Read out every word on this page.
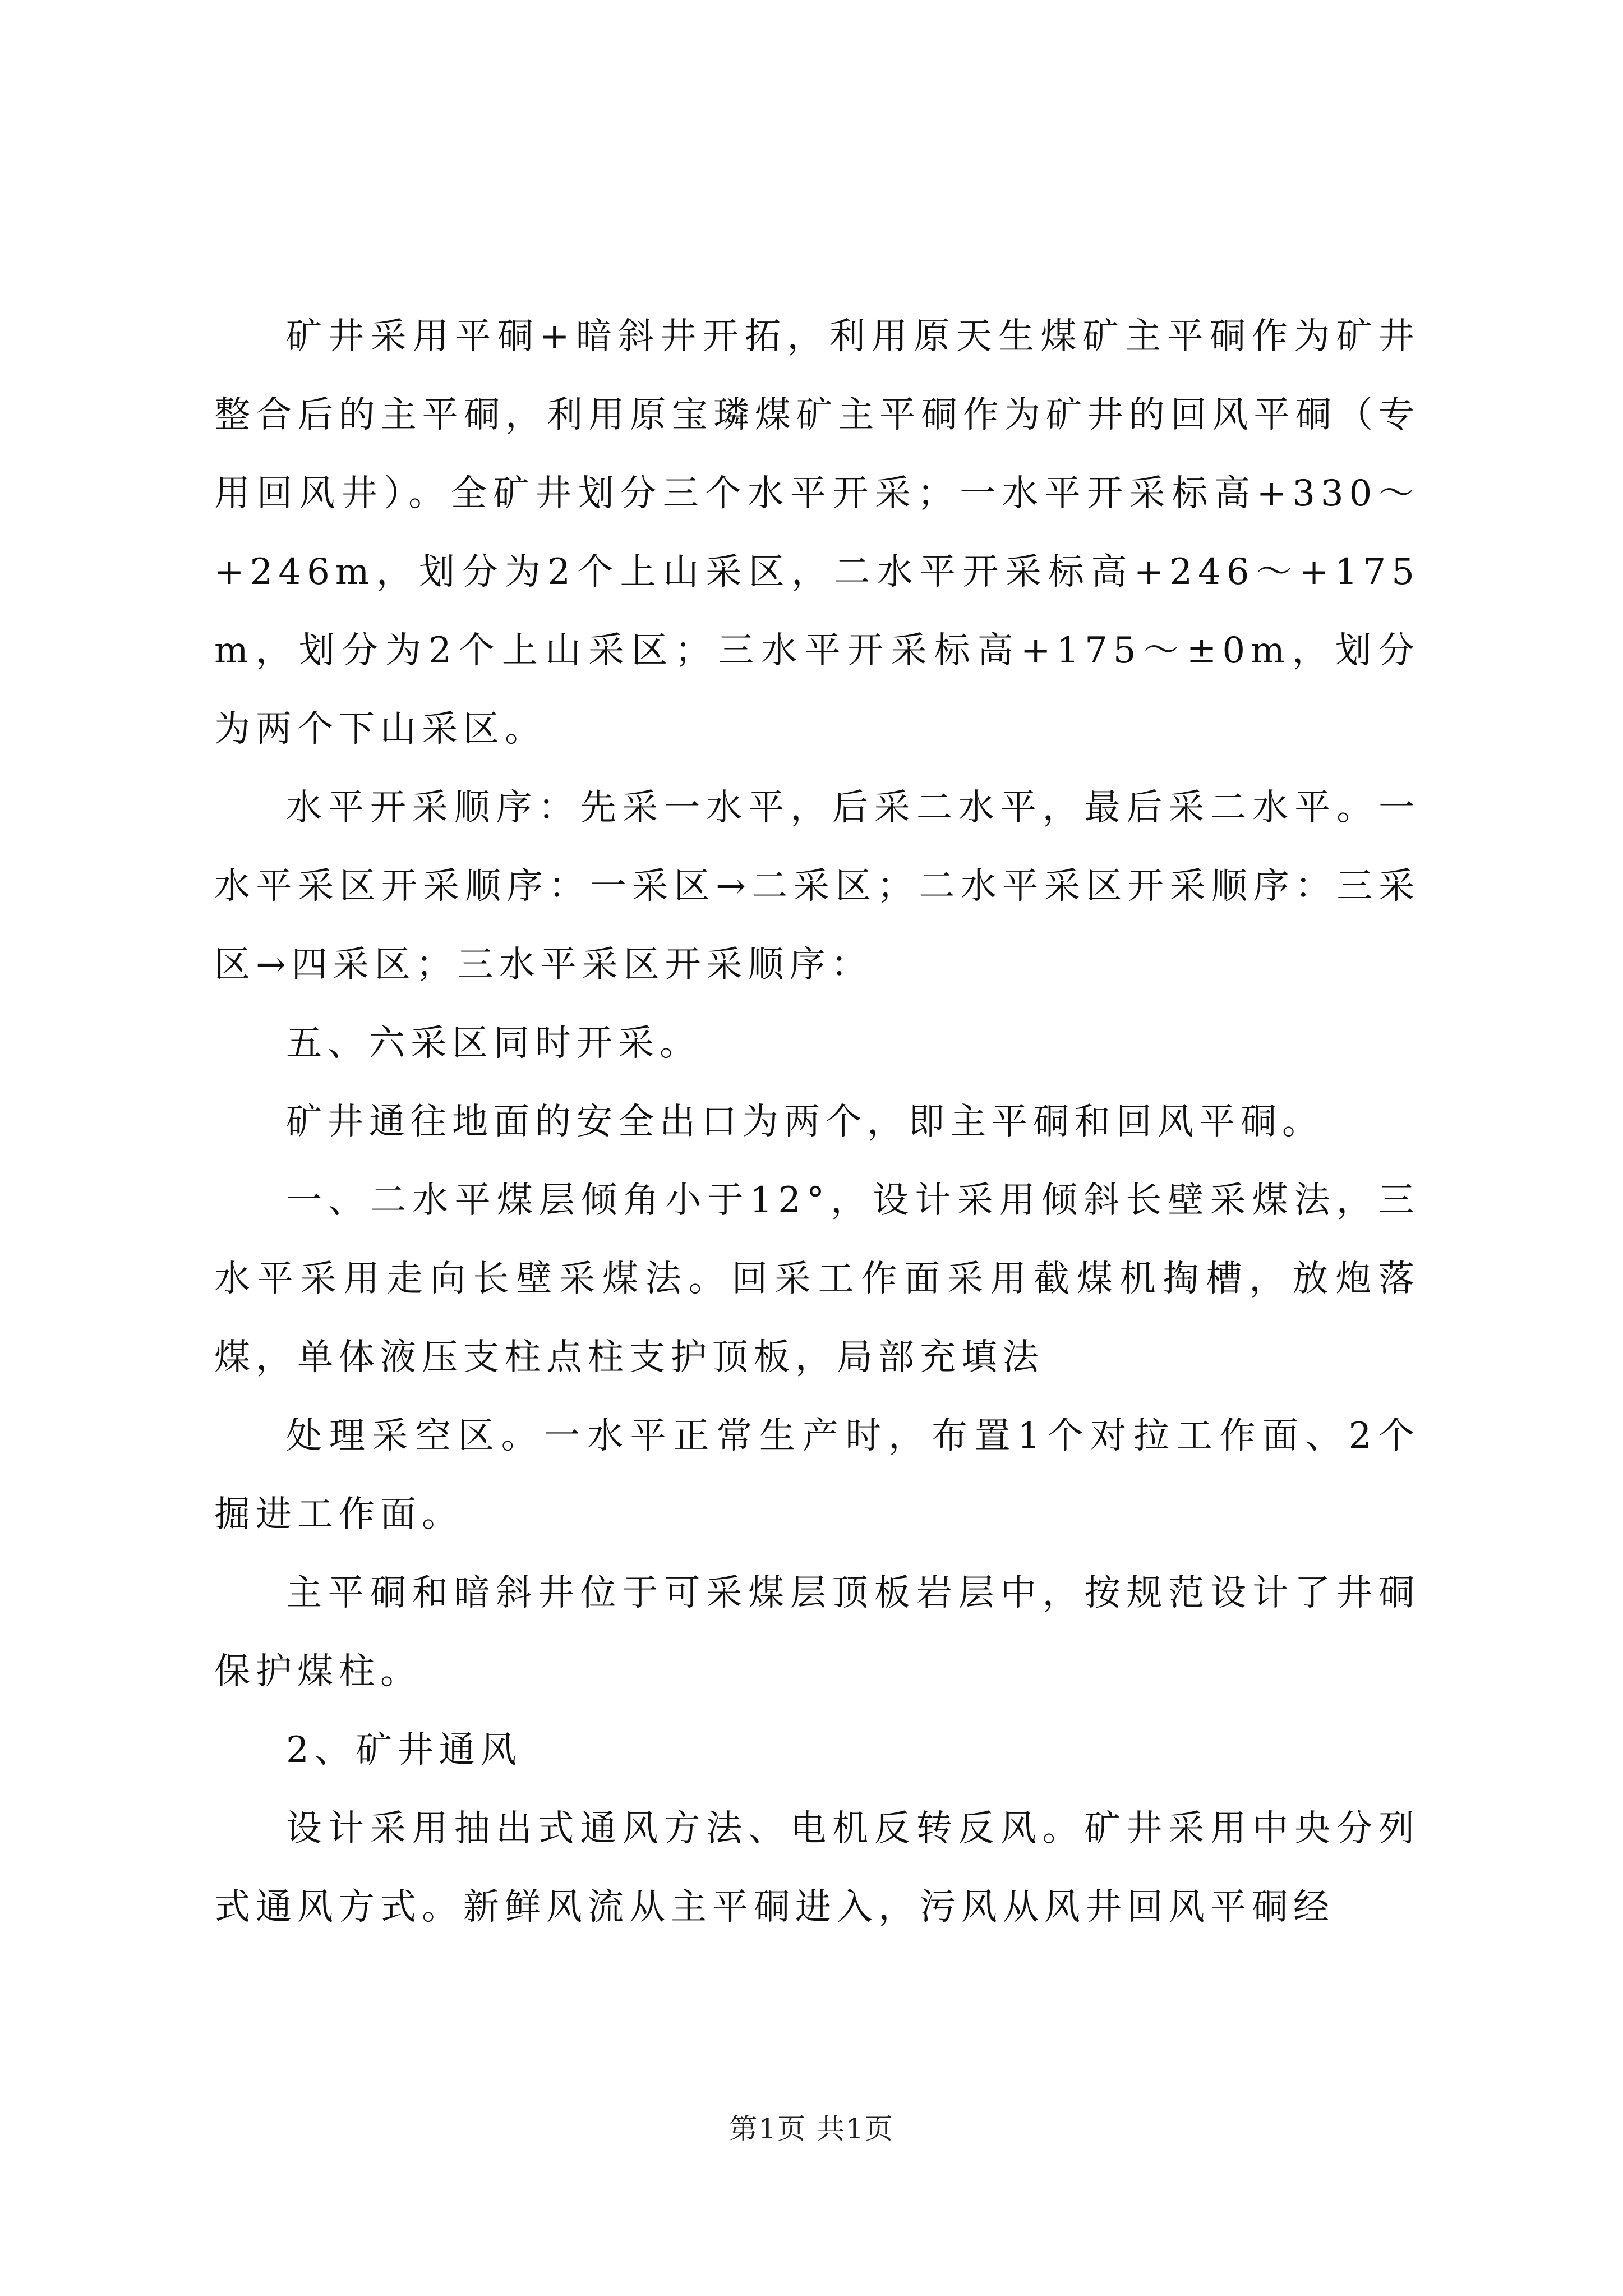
矿井采用平硐+暗斜井开拓，利用原天生煤矿主平硐作为矿井整合后的主平硐，利用原宝璘煤矿主平硐作为矿井的回风平硐（专用回风井）。全矿井划分三个水平开采；一水平开采标高+330～+246m，划分为2个上山采区，二水平开采标高+246～+175m，划分为2个上山采区；三水平开采标高+175～±0m，划分为两个下山采区。

水平开采顺序：先采一水平，后采二水平，最后采二水平。一水平采区开采顺序：一采区→二采区；二水平采区开采顺序：三采区→四采区；三水平采区开采顺序：

五、六采区同时开采。

矿井通往地面的安全出口为两个，即主平硐和回风平硐。

一、二水平煤层倾角小于12°，设计采用倾斜长壁采煤法，三水平采用走向长壁采煤法。回采工作面采用截煤机掏槽，放炮落煤，单体液压支柱点柱支护顶板，局部充填法

处理采空区。一水平正常生产时，布置1个对拉工作面、2个掘进工作面。

主平硐和暗斜井位于可采煤层顶板岩层中，按规范设计了井硐保护煤柱。

2、矿井通风

设计采用抽出式通风方法、电机反转反风。矿井采用中央分列式通风方式。新鲜风流从主平硐进入，污风从风井回风平硐经

第1页 共1页
